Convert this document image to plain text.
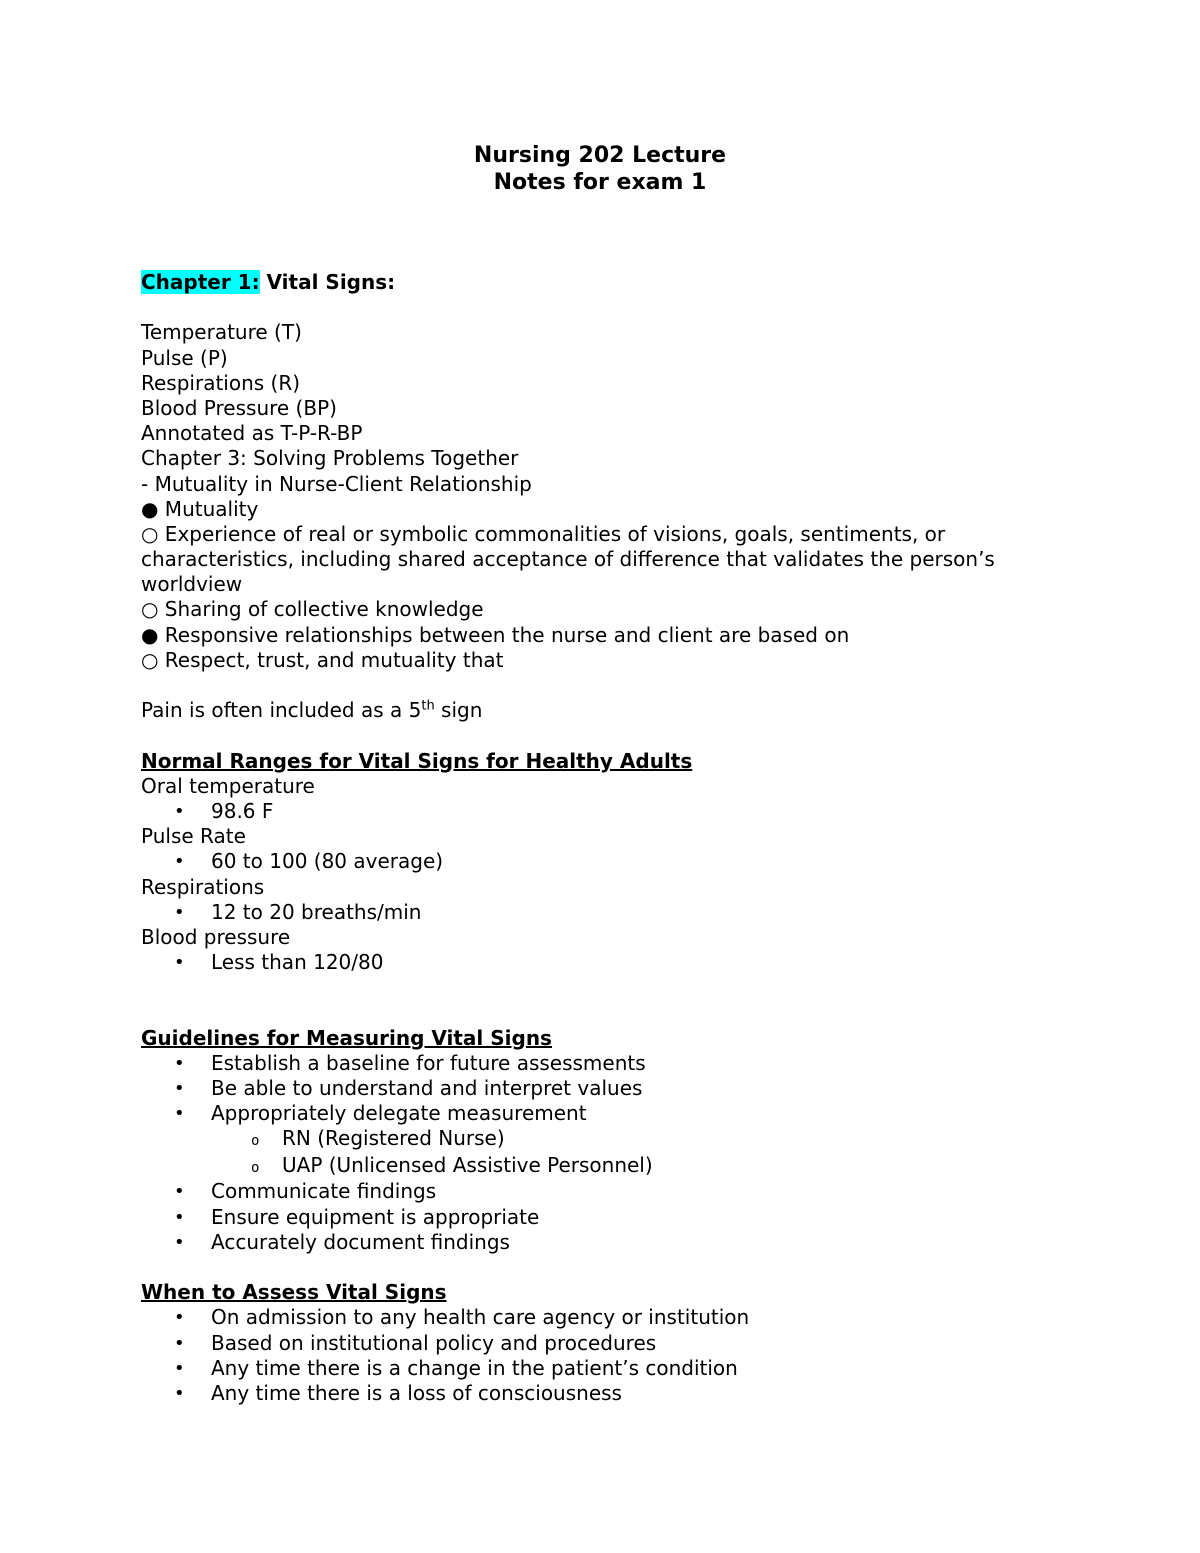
Nursing 202 Lecture
Notes for exam 1
Chapter 1: Vital Signs:
Temperature (T)
Pulse (P)
Respirations (R)
Blood Pressure (BP)
Annotated as T-P-R-BP
Chapter 3: Solving Problems Together
- Mutuality in Nurse-Client Relationship
● Mutuality
○ Experience of real or symbolic commonalities of visions, goals, sentiments, or characteristics, including shared acceptance of difference that validates the person’s worldview
○ Sharing of collective knowledge
● Responsive relationships between the nurse and client are based on
○ Respect, trust, and mutuality that
Pain is often included as a 5th sign
Normal Ranges for Vital Signs for Healthy Adults
Oral temperature
• 98.6 F
Pulse Rate
• 60 to 100 (80 average)
Respirations
• 12 to 20 breaths/min
Blood pressure
• Less than 120/80
Guidelines for Measuring Vital Signs
• Establish a baseline for future assessments
• Be able to understand and interpret values
• Appropriately delegate measurement
o RN (Registered Nurse)
o UAP (Unlicensed Assistive Personnel)
• Communicate findings
• Ensure equipment is appropriate
• Accurately document findings
When to Assess Vital Signs
• On admission to any health care agency or institution
• Based on institutional policy and procedures
• Any time there is a change in the patient’s condition
• Any time there is a loss of consciousness
